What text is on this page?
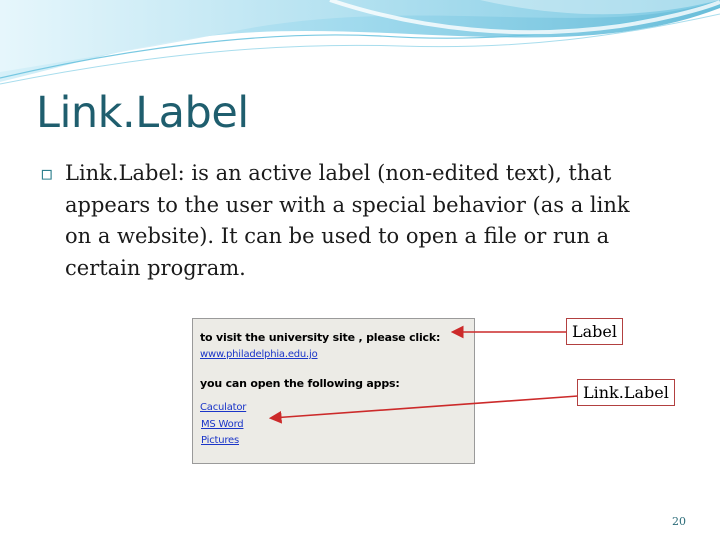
Link.Label
▫ Link.Label: is an active label (non-edited text), that
appears to the user with a special behavior (as a link
on a website). It can be used to open a file or run a
certain program.
to visit the university site , please click:
www.philadelphia.edu.jo
you can open the following apps:
Caculator
MS Word
Pictures
Label
Link.Label
20
